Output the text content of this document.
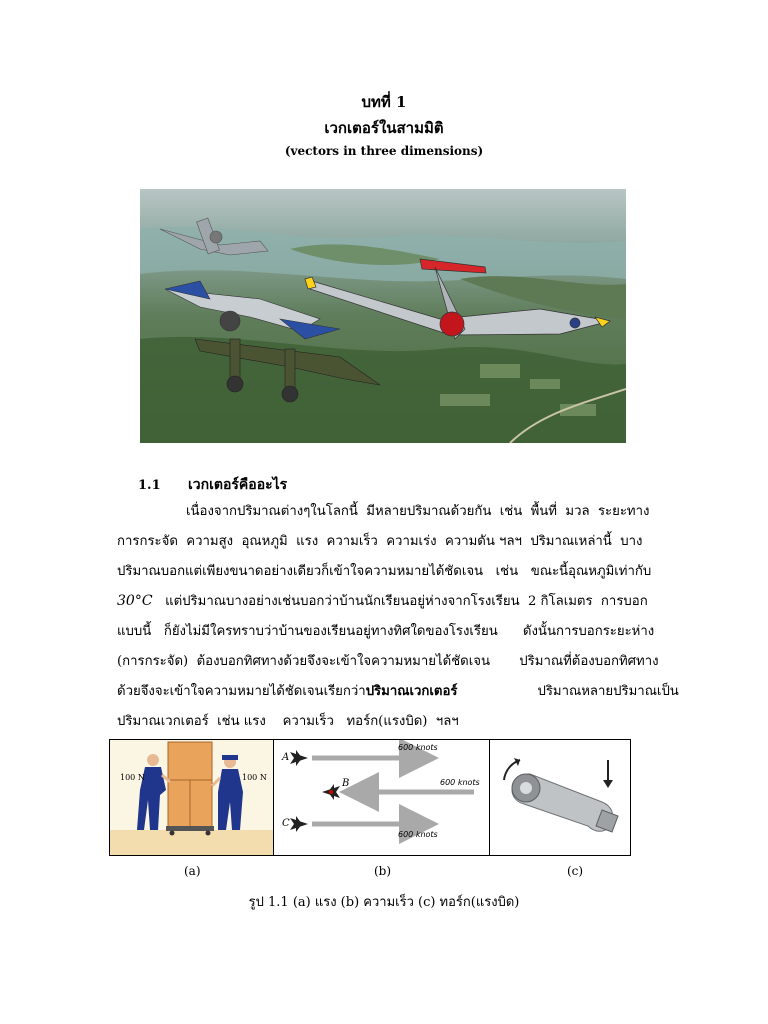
บทที่ 1
เวกเตอร์ในสามมิติ
(vectors in three dimensions)
1.1 เวกเตอร์คืออะไร
เนื่องจากปริมาณต่างๆในโลกนี้  มีหลายปริมาณด้วยกัน  เช่น  พื้นที่  มวล  ระยะทาง
การกระจัด  ความสูง  อุณหภูมิ  แรง  ความเร็ว  ความเร่ง  ความดัน ฯลฯ  ปริมาณเหล่านี้  บาง
ปริมาณบอกแต่เพียงขนาดอย่างเดียวก็เข้าใจความหมายได้ชัดเจน   เช่น   ขณะนี้อุณหภูมิเท่ากับ
30°C แต่ปริมาณบางอย่างเช่นบอกว่าบ้านนักเรียนอยู่ห่างจากโรงเรียน  2 กิโลเมตร  การบอก
แบบนี้   ก็ยังไม่มีใครทราบว่าบ้านของเรียนอยู่ทางทิศใดของโรงเรียน      ดังนั้นการบอกระยะห่าง
(การกระจัด)  ต้องบอกทิศทางด้วยจึงจะเข้าใจความหมายได้ชัดเจน       ปริมาณที่ต้องบอกทิศทาง
ด้วยจึงจะเข้าใจความหมายได้ชัดเจนเรียกว่าปริมาณเวกเตอร์	ปริมาณหลายปริมาณเป็น
ปริมาณเวกเตอร์  เช่น แรง    ความเร็ว   ทอร์ก(แรงบิด)  ฯลฯ
100 N	100 N
A
B
C
600 knots
600 knots
600 knots
(a)	(b)	(c)
รูป 1.1 (a) แรง (b) ความเร็ว (c) ทอร์ก(แรงบิด)
